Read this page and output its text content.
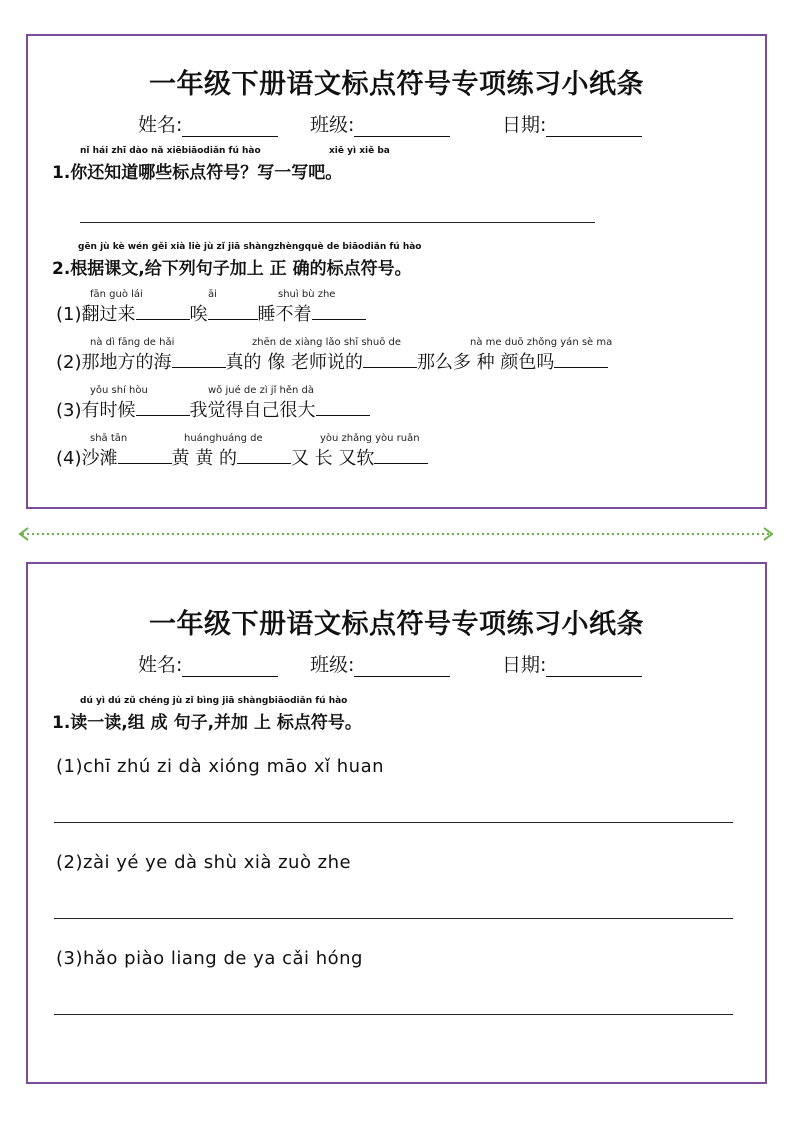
一年级下册语文标点符号专项练习小纸条
姓名:	班级:	日期:
nǐ hái zhī dào nǎ xiēbiāodiǎn fú hào	xiě yì xiě ba
1.你还知道哪些标点符号？写一写吧。
gēn jù kè wén gěi xià liè jù zǐ jiā shàngzhèngquè de biāodiǎn fú hào
2.根据课文,给下列句子加上 正 确的标点符号。
fān guò lái	āi	shuì bù zhe
(1)翻过来	唉	睡不着
nà dì fāng de hǎi	zhēn de xiàng lǎo shī shuō de	nà me duō zhǒng yán sè ma
(2)那地方的海	真的 像 老师说的	那么多 种 颜色吗
yǒu shí hòu	wǒ jué de zì jǐ hěn dà
(3)有时候	我觉得自己很大
shā tān	huánghuáng de	yòu zhǎng yòu ruǎn
(4)沙滩	黄 黄 的	又 长 又软
一年级下册语文标点符号专项练习小纸条
姓名:	班级:	日期:
dú yì dú zǔ chéng jù zǐ bìng jiā shàngbiāodiǎn fú hào
1.读一读,组 成 句子,并加 上 标点符号。
(1)chī zhú zi dà xióng māo xǐ huan
(2)zài yé ye dà shù xià zuò zhe
(3)hǎo piào liang de ya cǎi hóng
